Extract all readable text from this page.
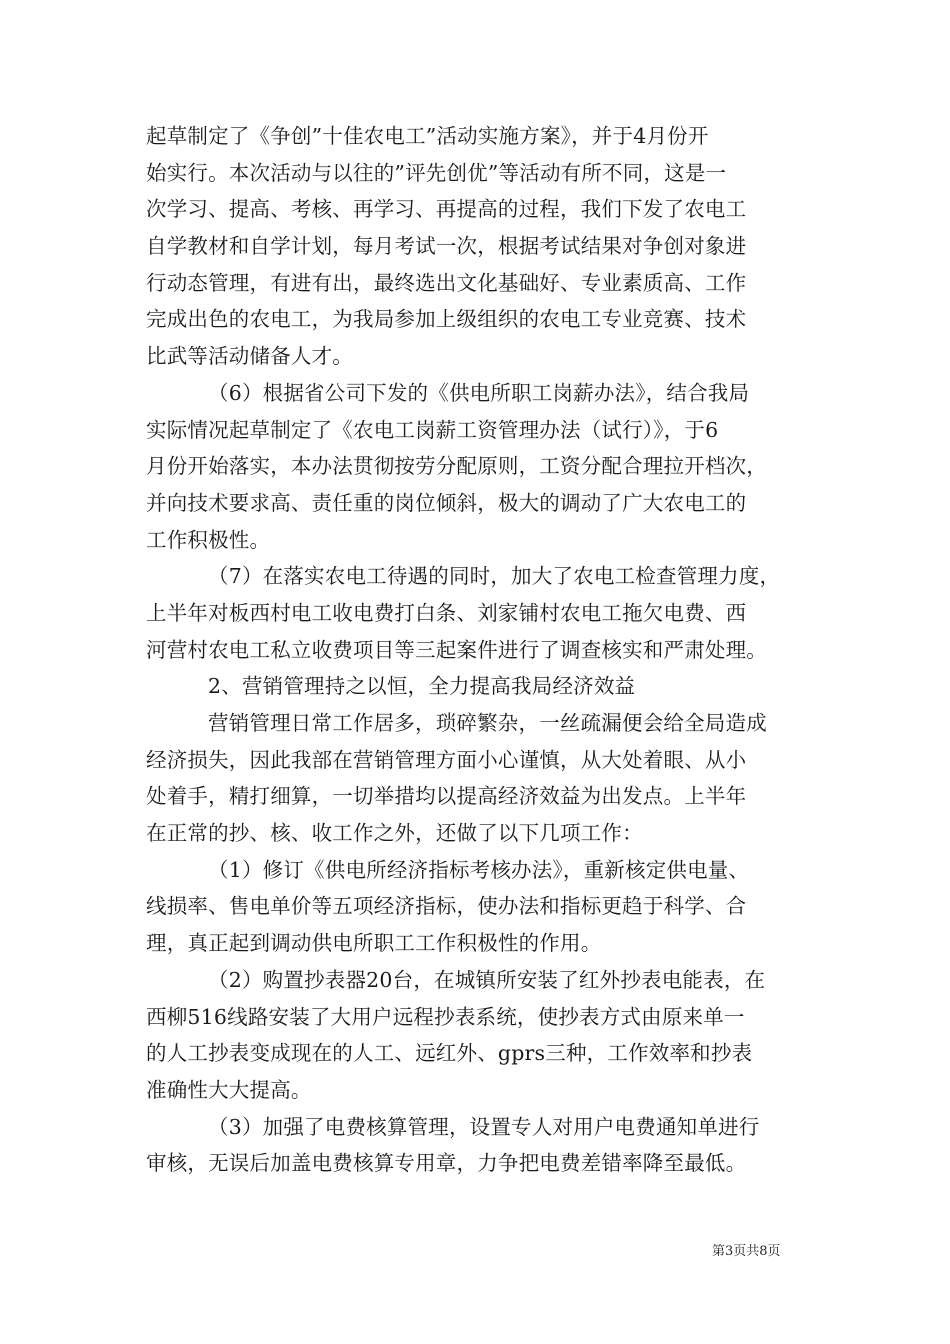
起草制定了《争创”十佳农电工”活动实施方案》，并于4月份开
始实行。本次活动与以往的”评先创优”等活动有所不同，这是一
次学习、提高、考核、再学习、再提高的过程，我们下发了农电工
自学教材和自学计划，每月考试一次，根据考试结果对争创对象进
行动态管理，有进有出，最终选出文化基础好、专业素质高、工作
完成出色的农电工，为我局参加上级组织的农电工专业竞赛、技术
比武等活动储备人才。
（6）根据省公司下发的《供电所职工岗薪办法》，结合我局
实际情况起草制定了《农电工岗薪工资管理办法（试行）》，于6
月份开始落实，本办法贯彻按劳分配原则，工资分配合理拉开档次，
并向技术要求高、责任重的岗位倾斜，极大的调动了广大农电工的
工作积极性。
（7）在落实农电工待遇的同时，加大了农电工检查管理力度，
上半年对板西村电工收电费打白条、刘家铺村农电工拖欠电费、西
河营村农电工私立收费项目等三起案件进行了调查核实和严肃处理。
2、营销管理持之以恒，全力提高我局经济效益
营销管理日常工作居多，琐碎繁杂，一丝疏漏便会给全局造成
经济损失，因此我部在营销管理方面小心谨慎，从大处着眼、从小
处着手，精打细算，一切举措均以提高经济效益为出发点。上半年
在正常的抄、核、收工作之外，还做了以下几项工作：
（1）修订《供电所经济指标考核办法》，重新核定供电量、
线损率、售电单价等五项经济指标，使办法和指标更趋于科学、合
理，真正起到调动供电所职工工作积极性的作用。
（2）购置抄表器20台，在城镇所安装了红外抄表电能表，在
西柳516线路安装了大用户远程抄表系统，使抄表方式由原来单一
的人工抄表变成现在的人工、远红外、gprs三种，工作效率和抄表
准确性大大提高。
（3）加强了电费核算管理，设置专人对用户电费通知单进行
审核，无误后加盖电费核算专用章，力争把电费差错率降至最低。
第3页共8页
